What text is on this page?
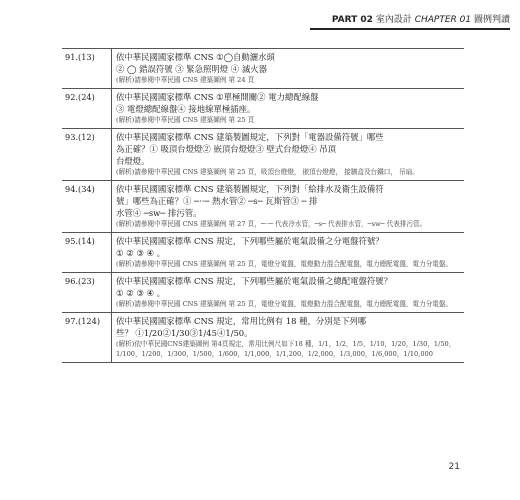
PART 02 室內設計 CHAPTER 01 圖例判讀
91.(13)	依中華民國國家標準 CNS ①◯自動灑水頭
② ◯ 錯誤符號 ③ 緊急照明燈 ④ 滅火器
(解析)請參閱中華民國 CNS 建築圖例 第 24 頁
92.(24)	依中華民國國家標準 CNS ①單極開關② 電力總配線盤
③ 電燈總配線盤④ 接地線單極插座。
(解析)請參閱中華民國 CNS 建築圖例 第 25 頁
93.(12)	依中華民國國家標準 CNS 建築製圖規定，下列對「電器設備符號」哪些
為正確？① 吸頂台燈燈② 嵌頂台燈燈③ 壁式台燈燈④ 吊頂
台燈燈。
(解析)請參閱中華民國 CNS 建築圖例 第 25 頁，吸頂台燈燈， 嵌頂台燈燈， 接牆盒及台鐵口， 吊扇。
94.(34)	依中華民國國家標準 CNS 建築製圖規定，下列對「給排水及衛生設備符
號」哪些為正確？① ─··─ 熱水管② ─s─ 瓦斯管③ ─ 排
水管④ ─sw─ 排污管。
(解析)請參閱中華民國 CNS 建築圖例 第 27 頁，─··─ 代表冷水管，─s─ 代表排水管，─sw─ 代表排污管。
95.(14)	依中華民國國家標準 CNS 規定，下列哪些屬於電氣設備之分電盤符號？
① ② ③ ④ 。
(解析)請參閱中華民國 CNS 建築圖例 第 25 頁，電燈分電盤，電燈動力混合配電盤，電力總配電盤，電力分電盤。
96.(23)	依中華民國國家標準 CNS 規定，下列哪些屬於電氣設備之總配電盤符號？
① ② ③ ④ 。
(解析)請參閱中華民國 CNS 建築圖例 第 25 頁，電燈分電盤，電燈動力混合配電盤，電力總配電盤，電力分電盤。
97.(124)	依中華民國國家標準 CNS 規定，常用比例有 18 種，分別是下列哪
些？ ①1/20②1/30③1/45④1/50。
(解析)依中華民國CNS建築圖例 第4頁規定，常用比例尺如下18 種，1/1，1/2，1/5，1/10，1/20，1/30，1/50，1/100，1/200，1/300，1/500，1/600，1/1,000，1/1,200，1/2,000，1/3,000，1/6,000，1/10,000
21
